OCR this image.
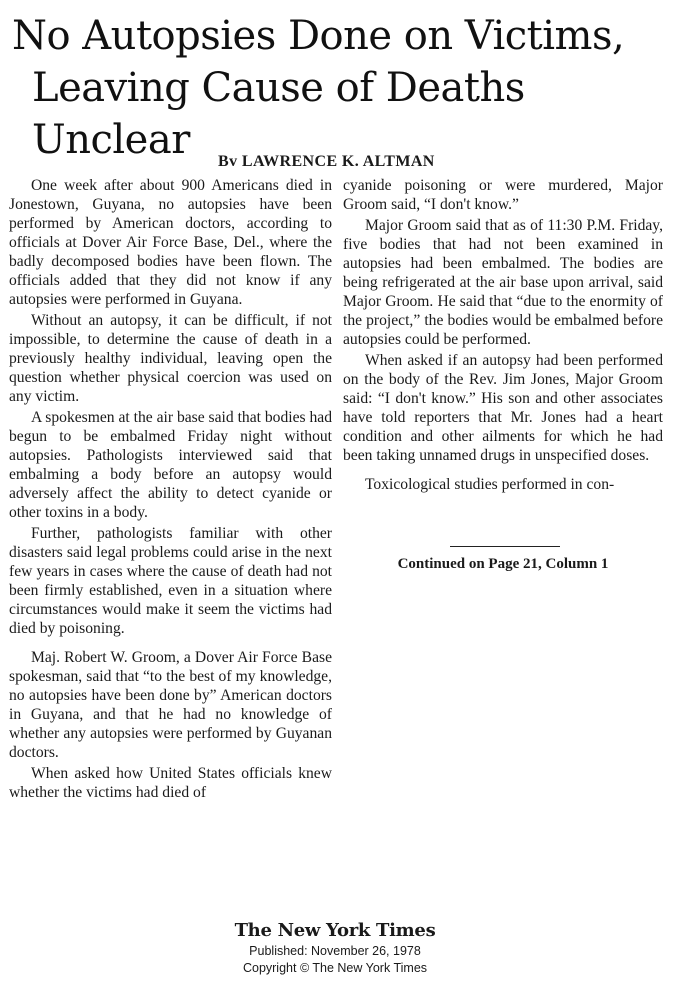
No Autopsies Done on Victims,
Leaving Cause of Deaths Unclear	Bv LAWRENCE K. ALTMAN

One week after about 900 Americans died in Jonestown, Guyana, no autopsies have been performed by American doctors, according to officials at Dover Air Force Base, Del., where the badly decomposed bodies have been flown. The officials added that they did not know if any autopsies were performed in Guyana.

Without an autopsy, it can be difficult, if not impossible, to determine the cause of death in a previously healthy individual, leaving open the question whether physical coercion was used on any victim.

A spokesmen at the air base said that bodies had begun to be embalmed Friday night without autopsies. Pathologists interviewed said that embalming a body before an autopsy would adversely affect the ability to detect cyanide or other toxins in a body.

Further, pathologists familiar with other disasters said legal problems could arise in the next few years in cases where the cause of death had not been firmly established, even in a situation where circumstances would make it seem the victims had died by poisoning.

Maj. Robert W. Groom, a Dover Air Force Base spokesman, said that “to the best of my knowledge, no autopsies have been done by” American doctors in Guyana, and that he had no knowledge of whether any autopsies were performed by Guyanan doctors.

When asked how United States officials knew whether the victims had died of

cyanide poisoning or were murdered, Major Groom said, “I don't know.”

Major Groom said that as of 11:30 P.M. Friday, five bodies that had not been examined in autopsies had been embalmed. The bodies are being refrigerated at the air base upon arrival, said Major Groom. He said that “due to the enormity of the project,” the bodies would be embalmed before autopsies could be performed.

When asked if an autopsy had been performed on the body of the Rev. Jim Jones, Major Groom said: “I don't know.” His son and other associates have told reporters that Mr. Jones had a heart condition and other ailments for which he had been taking unnamed drugs in unspecified doses.

Toxicological studies performed in con-

Continued on Page 21, Column 1

The New York Times

Published: November 26, 1978

Copyright © The New York Times
